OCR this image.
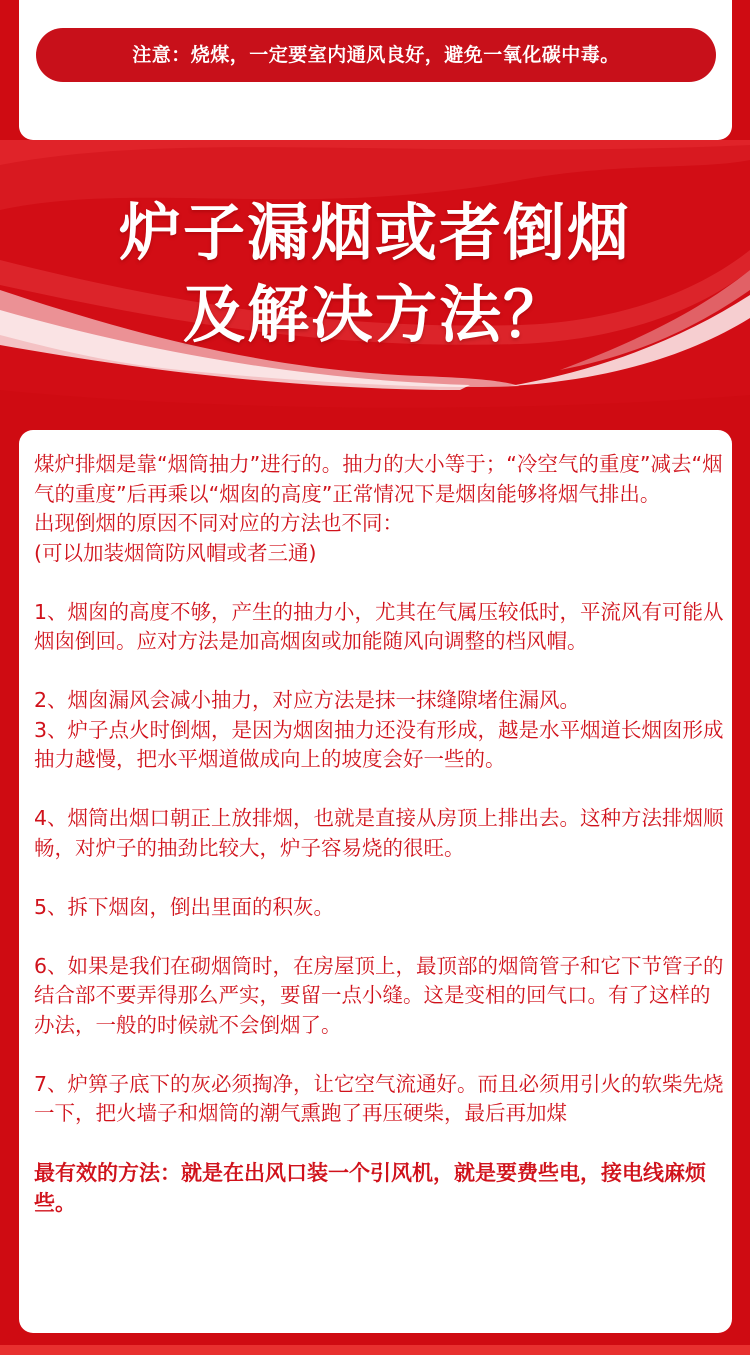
注意：烧煤，一定要室内通风良好，避免一氧化碳中毒。
炉子漏烟或者倒烟
及解决方法？

煤炉排烟是靠“烟筒抽力”进行的。抽力的大小等于；“冷空气的重度”减去“烟气的重度”后再乘以“烟囱的高度”正常情况下是烟囱能够将烟气排出。

出现倒烟的原因不同对应的方法也不同：

(可以加装烟筒防风帽或者三通)

1、烟囱的高度不够，产生的抽力小，尤其在气属压较低时，平流风有可能从烟囱倒回。应对方法是加高烟囱或加能随风向调整的档风帽。

2、烟囱漏风会减小抽力，对应方法是抹一抹缝隙堵住漏风。

3、炉子点火时倒烟，是因为烟囱抽力还没有形成，越是水平烟道长烟囱形成抽力越慢，把水平烟道做成向上的坡度会好一些的。

4、烟筒出烟口朝正上放排烟，也就是直接从房顶上排出去。这种方法排烟顺畅，对炉子的抽劲比较大，炉子容易烧的很旺。

5、拆下烟囱，倒出里面的积灰。

6、如果是我们在砌烟筒时，在房屋顶上，最顶部的烟筒管子和它下节管子的结合部不要弄得那么严实，要留一点小缝。这是变相的回气口。有了这样的办法，一般的时候就不会倒烟了。

7、炉箅子底下的灰必须掏净，让它空气流通好。而且必须用引火的软柴先烧一下，把火墙子和烟筒的潮气熏跑了再压硬柴，最后再加煤

最有效的方法：就是在出风口装一个引风机，就是要费些电，接电线麻烦些。
